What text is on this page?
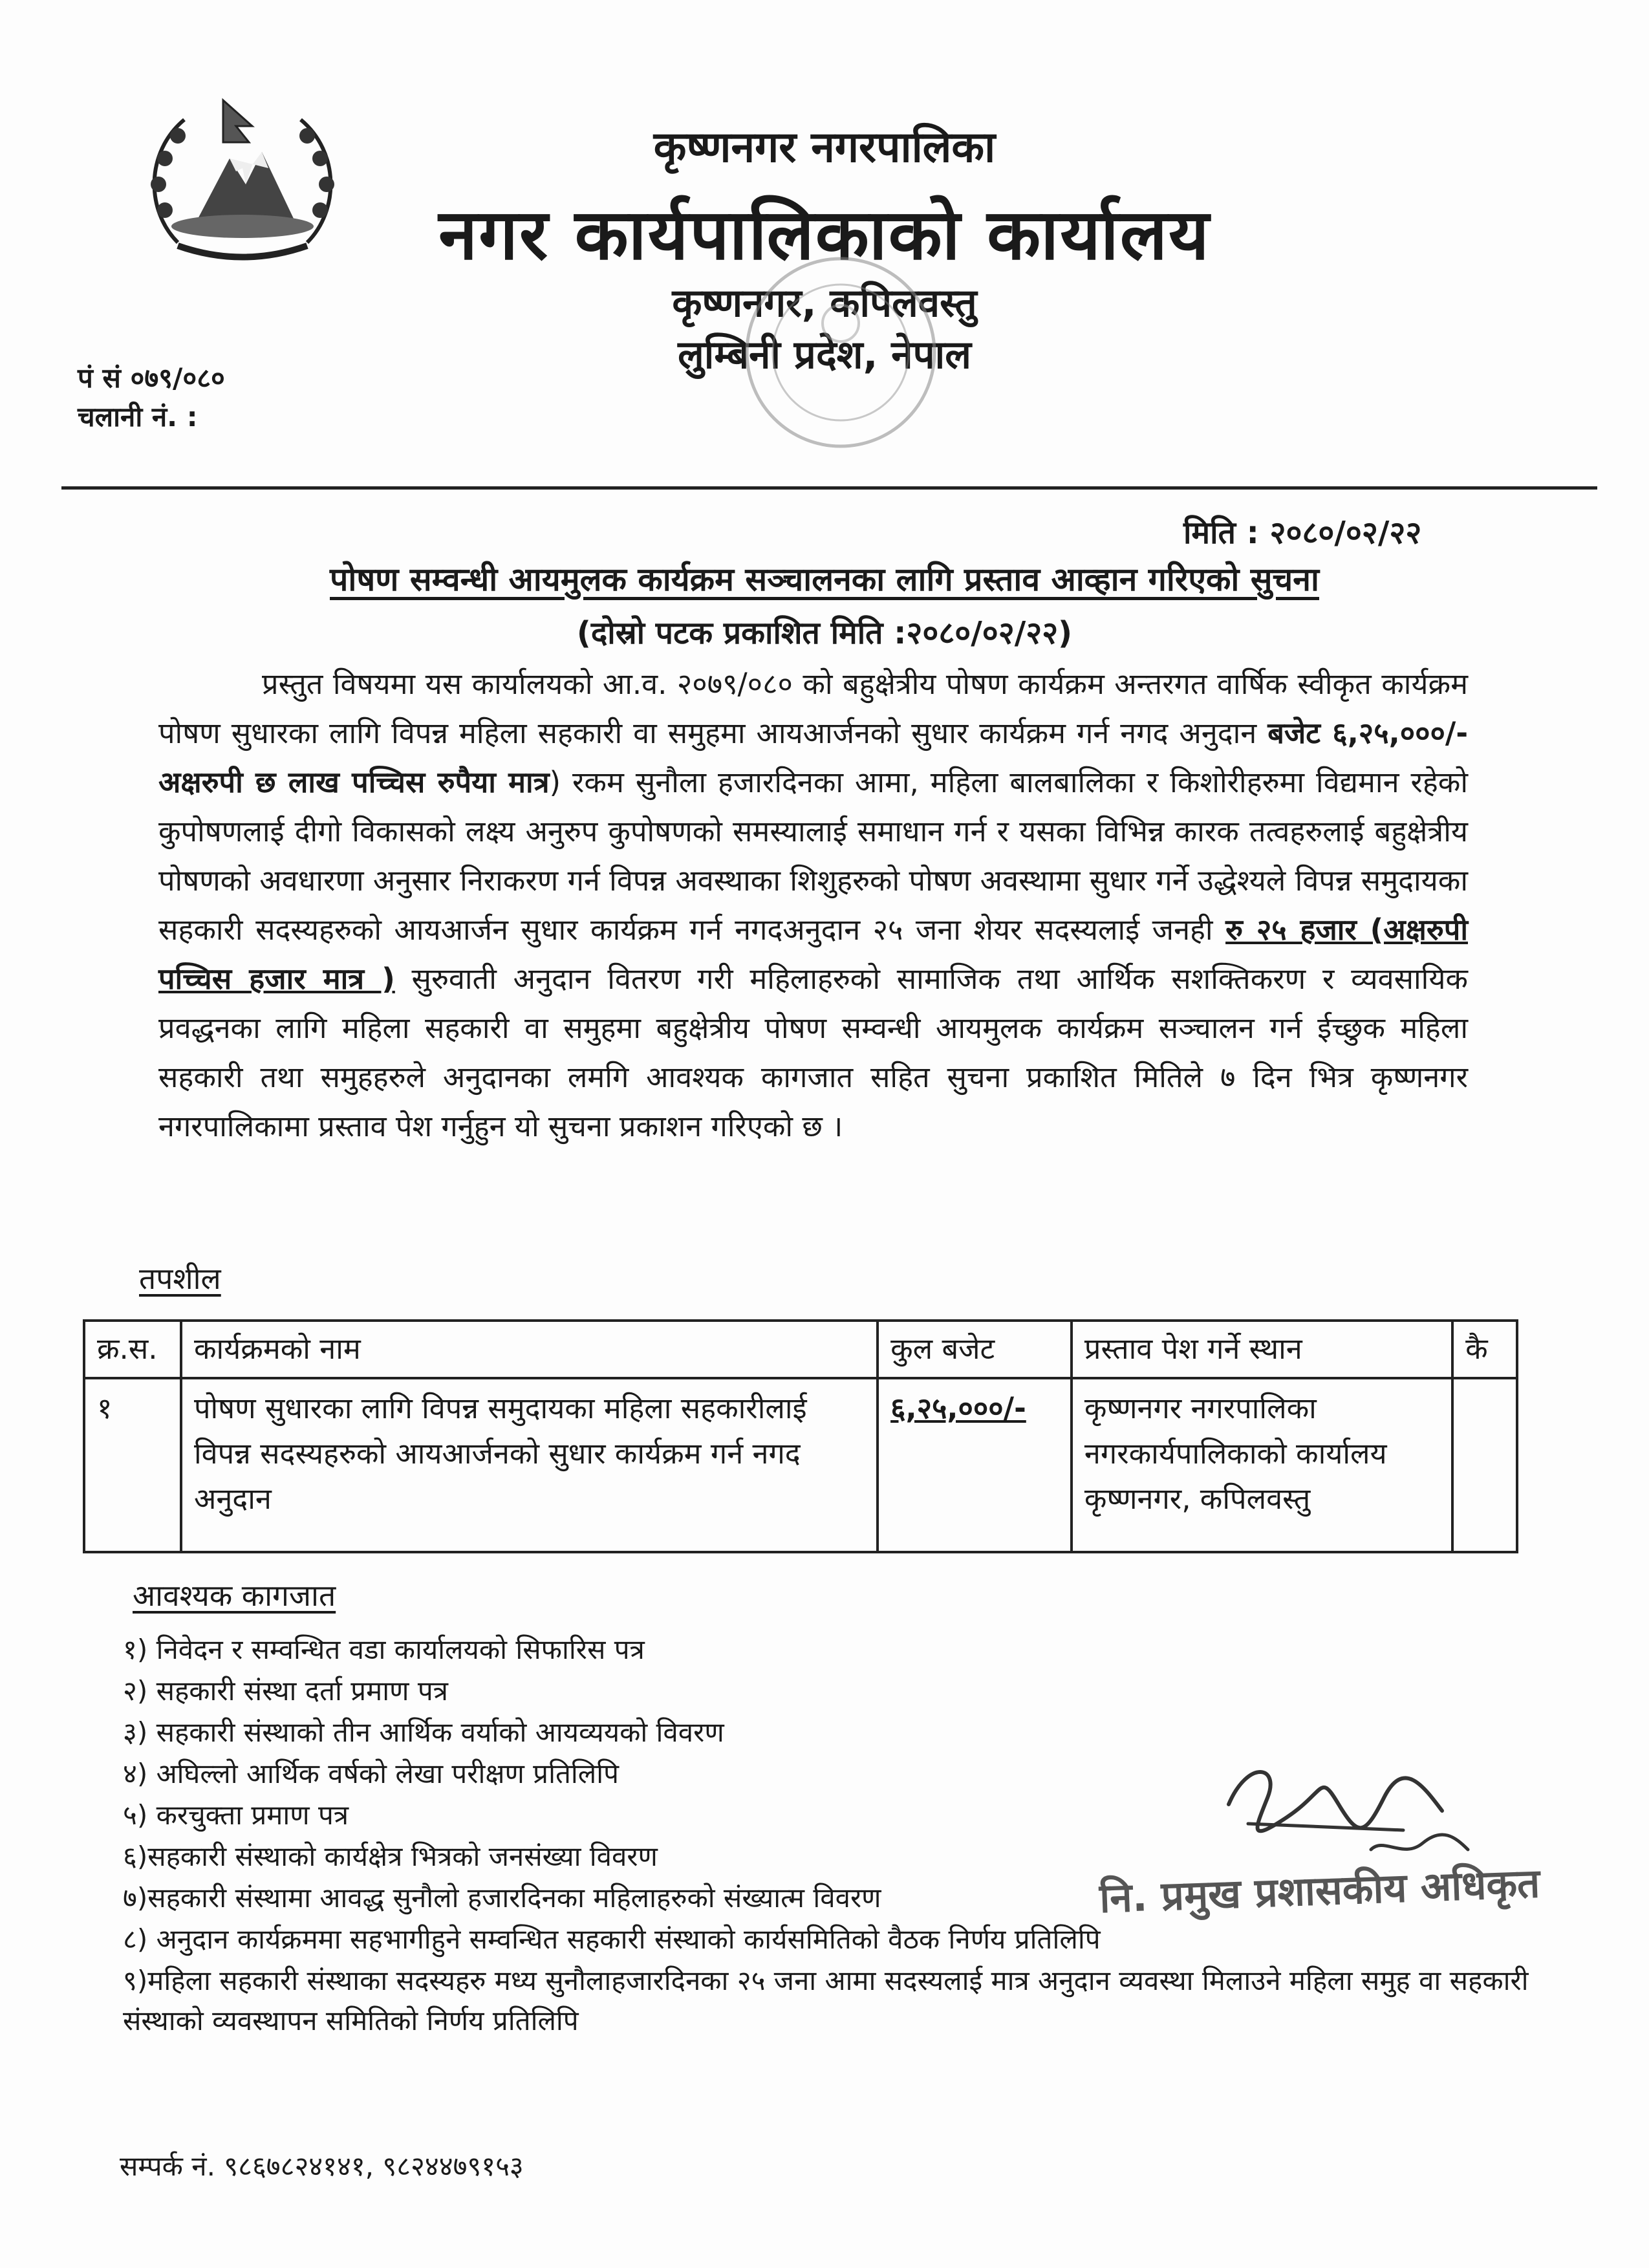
कृष्णनगर नगरपालिका
नगर कार्यपालिकाको कार्यालय
कृष्णनगर, कपिलवस्तु
लुम्बिनी प्रदेश, नेपाल
पं सं ०७९/०८०
चलानी नं. :
मिति : २०८०/०२/२२
पोषण सम्वन्धी आयमुलक कार्यक्रम सञ्चालनका लागि प्रस्ताव आव्हान गरिएको सुचना
(दोस्रो पटक प्रकाशित मिति :२०८०/०२/२२)
प्रस्तुत विषयमा यस कार्यालयको आ.व. २०७९/०८० को बहुक्षेत्रीय पोषण कार्यक्रम अन्तरगत वार्षिक स्वीकृत कार्यक्रम पोषण सुधारका लागि विपन्न महिला सहकारी वा समुहमा आयआर्जनको सुधार कार्यक्रम गर्न नगद अनुदान बजेट ६,२५,०००/-अक्षरुपी छ लाख पच्चिस रुपैया मात्र) रकम सुनौला हजारदिनका आमा, महिला बालबालिका र किशोरीहरुमा विद्यमान रहेको कुपोषणलाई दीगो विकासको लक्ष्य अनुरुप कुपोषणको समस्यालाई समाधान गर्न र यसका विभिन्न कारक तत्वहरुलाई बहुक्षेत्रीय पोषणको अवधारणा अनुसार निराकरण गर्न विपन्न अवस्थाका शिशुहरुको पोषण अवस्थामा सुधार गर्ने उद्धेश्यले विपन्न समुदायका सहकारी सदस्यहरुको आयआर्जन सुधार कार्यक्रम गर्न नगदअनुदान २५ जना शेयर सदस्यलाई जनही रु २५ हजार (अक्षरुपी पच्चिस हजार मात्र ) सुरुवाती अनुदान वितरण गरी महिलाहरुको सामाजिक तथा आर्थिक सशक्तिकरण र व्यवसायिक प्रवद्धनका लागि महिला सहकारी वा समुहमा बहुक्षेत्रीय पोषण सम्वन्धी आयमुलक कार्यक्रम सञ्चालन गर्न ईच्छुक महिला सहकारी तथा समुहहरुले अनुदानका लमगि आवश्यक कागजात सहित सुचना प्रकाशित मितिले ७ दिन भित्र कृष्णनगर नगरपालिकामा प्रस्ताव पेश गर्नुहुन यो सुचना प्रकाशन गरिएको छ ।
तपशील
क्र.स.	कार्यक्रमको नाम	कुल बजेट	प्रस्ताव पेश गर्ने स्थान	कै
१	पोषण सुधारका लागि विपन्न समुदायका महिला सहकारीलाई विपन्न सदस्यहरुको आयआर्जनको सुधार कार्यक्रम गर्न नगद अनुदान	६,२५,०००/-	कृष्णनगर नगरपालिका नगरकार्यपालिकाको कार्यालय कृष्णनगर, कपिलवस्तु	
आवश्यक कागजात
१) निवेदन र सम्वन्धित वडा कार्यालयको सिफारिस पत्र
२) सहकारी संस्था दर्ता प्रमाण पत्र
३) सहकारी संस्थाको तीन आर्थिक वर्याको आयव्ययको विवरण
४) अघिल्लो आर्थिक वर्षको लेखा परीक्षण प्रतिलिपि
५) करचुक्ता प्रमाण पत्र
६)सहकारी संस्थाको कार्यक्षेत्र भित्रको जनसंख्या विवरण
७)सहकारी संस्थामा आवद्ध सुनौलो हजारदिनका महिलाहरुको संख्यात्म विवरण
८) अनुदान कार्यक्रममा सहभागीहुने सम्वन्धित सहकारी संस्थाको कार्यसमितिको वैठक निर्णय प्रतिलिपि
९)महिला सहकारी संस्थाका सदस्यहरु मध्य सुनौलाहजारदिनका २५ जना आमा सदस्यलाई मात्र अनुदान व्यवस्था मिलाउने महिला समुह वा सहकारी संस्थाको व्यवस्थापन समितिको निर्णय प्रतिलिपि
सम्पर्क नं. ९८६७८२४१४१, ९८२४४७९१५३
नि. प्रमुख प्रशासकीय अधिकृत
